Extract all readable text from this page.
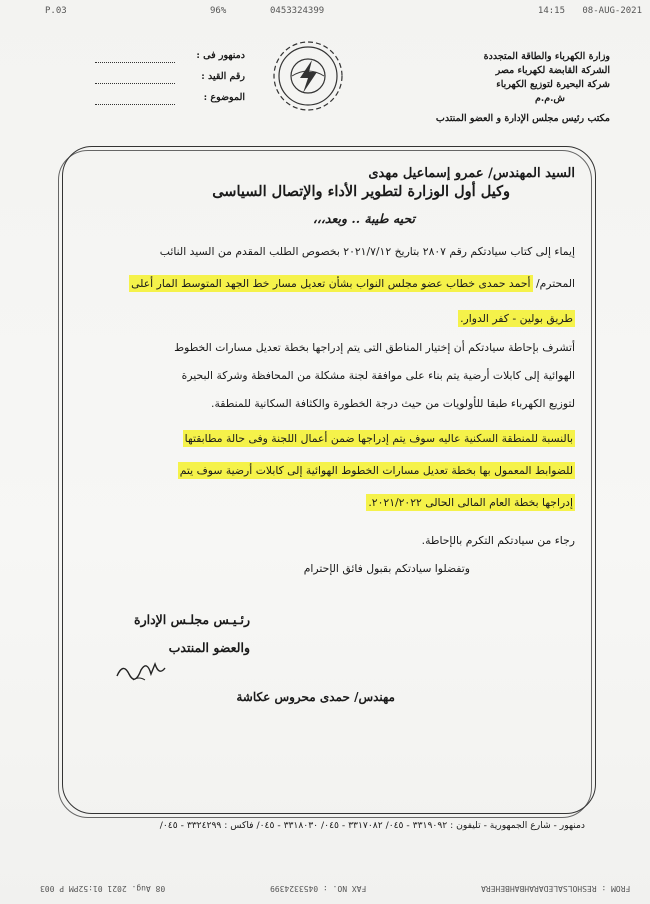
08-AUG-2021
14:15
0453324399
96%
P.03
وزارة الكهرباء والطاقة المتجددة
الشركة القابضة لكهرباء مصر
شركة البحيرة لتوزيع الكهرباء
ش.م.م
مكتب رئيس مجلس الإدارة و العضو المنتدب
دمنهور فى :
رقم القيد :
الموضوع :
السيد المهندس/ عمرو إسماعيل مهدى
وكيل أول الوزارة لتطوير الأداء والإتصال السياسى
تحيه طيبة .. وبعد،،،
إيماء إلى كتاب سيادتكم رقم ٢٨٠٧ بتاريخ ٢٠٢١/٧/١٢ بخصوص الطلب المقدم من السيد النائب
المحترم/ أحمد حمدى خطاب عضو مجلس النواب بشأن تعديل مسار خط الجهد المتوسط المار أعلى
طريق بولين - كفر الدوار.
أتشرف بإحاطة سيادتكم أن إختيار المناطق التى يتم إدراجها بخطة تعديل مسارات الخطوط
الهوائية إلى كابلات أرضية يتم بناء على موافقة لجنة مشكلة من المحافظة وشركة البحيرة
لتوزيع الكهرباء طبقا للأولويات من حيث درجة الخطورة والكثافة السكانية للمنطقة.
بالنسبة للمنطقة السكنية عاليه سوف يتم إدراجها ضمن أعمال اللجنة وفى حالة مطابقتها
للضوابط المعمول بها بخطة تعديل مسارات الخطوط الهوائية إلى كابلات أرضية سوف يتم
إدراجها بخطة العام المالى الحالى ٢٠٢١/٢٠٢٢.
رجاء من سيادتكم التكرم بالإحاطة.
وتفضلوا سيادتكم بقبول فائق الإحترام
رئـيـس مجلـس الإدارة
والعضو المنتدب
مهندس/ حمدى محروس عكاشة
دمنهور - شارع الجمهورية - تليفون : ٣٣١٩٠٩٢ - ٠٤٥/ ٣٣١٧٠٨٢ - ٠٤٥/ ٣٣١٨٠٣٠ - ٠٤٥/ فاكس : ٣٣٢٤٢٩٩ - ٠٤٥/
FROM : RESHOLSALEDARAHBAHBEHERA
FAX NO. : 0453324399
08 Aug. 2021 01:52PM P 003
